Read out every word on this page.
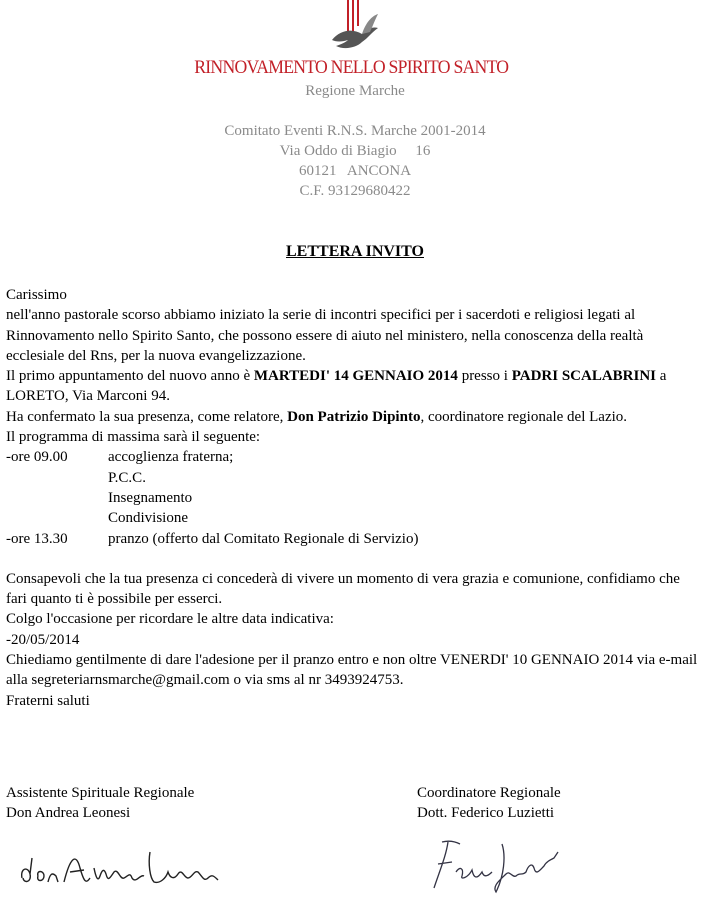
RINNOVAMENTO NELLO SPIRITO SANTO
Regione Marche
Comitato Eventi R.N.S. Marche 2001-2014
Via Oddo di Biagio     16
60121   ANCONA
C.F. 93129680422
LETTERA INVITO

Carissimo

nell'anno pastorale scorso abbiamo iniziato la serie di incontri specifici per i sacerdoti e religiosi legati al Rinnovamento nello Spirito Santo, che possono essere di aiuto nel ministero, nella conoscenza della realtà ecclesiale del Rns, per la nuova evangelizzazione.

Il primo appuntamento del nuovo anno è MARTEDI' 14 GENNAIO 2014 presso i PADRI SCALABRINI a LORETO, Via Marconi 94.

Ha confermato la sua presenza, come relatore, Don Patrizio Dipinto, coordinatore regionale del Lazio.

Il programma di massima sarà il seguente:

-ore 09.00	accoglienza fraterna;
P.C.C.
Insegnamento
Condivisione
-ore 13.30	pranzo (offerto dal Comitato Regionale di Servizio)

Consapevoli che la tua presenza ci concederà di vivere un momento di vera grazia e comunione, confidiamo che fari quanto ti è possibile per esserci.

Colgo l'occasione per ricordare le altre data indicativa:

-20/05/2014

Chiediamo gentilmente di dare l'adesione per il pranzo entro e non oltre VENERDI' 10 GENNAIO 2014 via e-mail alla segreteriarnsmarche@gmail.com o via sms al nr 3493924753.

Fraterni saluti

Assistente Spirituale Regionale

Don Andrea Leonesi

Coordinatore Regionale

Dott. Federico Luzietti
